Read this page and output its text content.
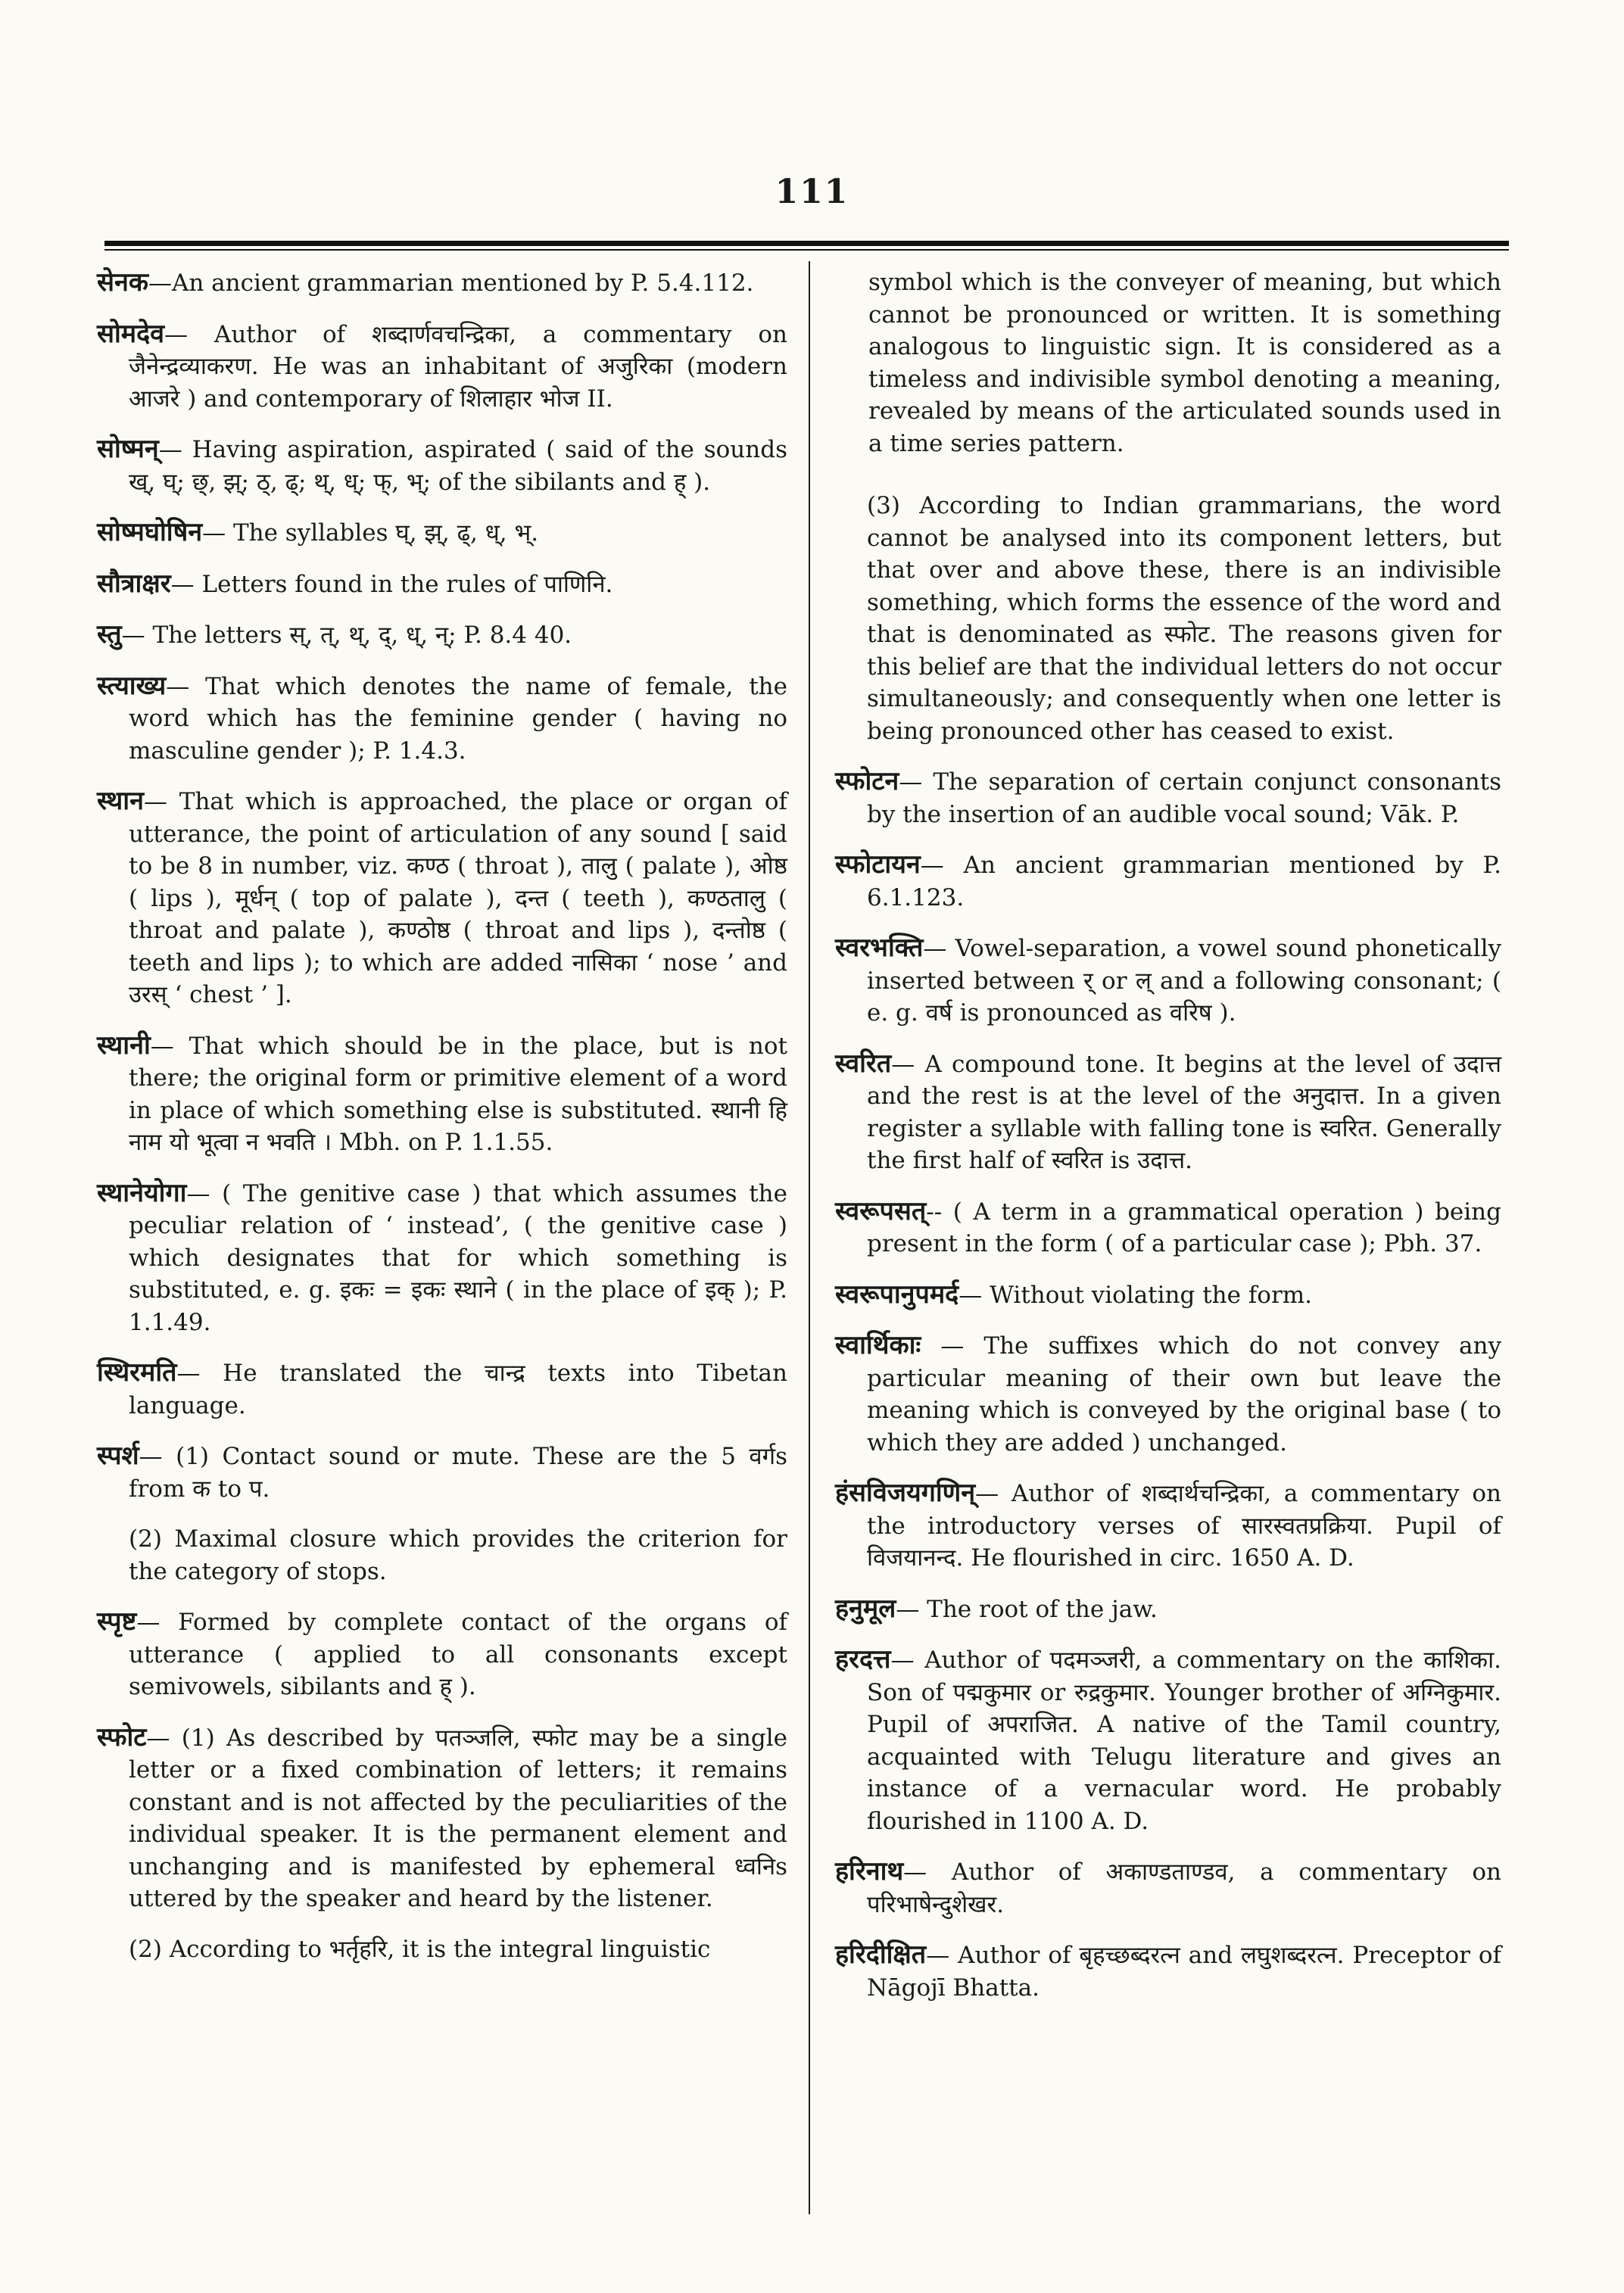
111

सेनक—An ancient grammarian mentioned by P. 5.4.112.

सोमदेव— Author of शब्दार्णवचन्द्रिका, a commentary on जैनेन्द्रव्याकरण. He was an inhabitant of अजुरिका (modern आजरे ) and contemporary of शिलाहार भोज II.

सोष्मन्— Having aspiration, aspirated ( said of the sounds ख्, घ्; छ्, झ्; ठ्, ढ्; थ्, ध्; फ्, भ्; of the sibilants and ह् ).

सोष्मघोषिन— The syllables घ्, झ्, ढ्, ध्, भ्.

सौत्राक्षर— Letters found in the rules of पाणिनि.

स्तु— The letters स्, त्, थ्, द्, ध्, न्; P. 8.4 40.

स्त्याख्य— That which denotes the name of female, the word which has the feminine gender ( having no masculine gender ); P. 1.4.3.

स्थान— That which is approached, the place or organ of utterance, the point of articulation of any sound [ said to be 8 in number, viz. कण्ठ ( throat ), तालु ( palate ), ओष्ठ ( lips ), मूर्धन् ( top of palate ), दन्त ( teeth ), कण्ठतालु ( throat and palate ), कण्ठोष्ठ ( throat and lips ), दन्तोष्ठ ( teeth and lips ); to which are added नासिका ‘ nose ’ and उरस् ‘ chest ’ ].

स्थानी— That which should be in the place, but is not there; the original form or primitive element of a word in place of which something else is substituted. स्थानी हि नाम यो भूत्वा न भवति । Mbh. on P. 1.1.55.

स्थानेयोगा— ( The genitive case ) that which assumes the peculiar relation of ‘ instead’, ( the genitive case ) which designates that for which something is substituted, e. g. इकः = इकः स्थाने ( in the place of इक् ); P. 1.1.49.

स्थिरमति— He translated the चान्द्र texts into Tibetan language.

स्पर्श— (1) Contact sound or mute. These are the 5 वर्गs from क to प.

(2) Maximal closure which provides the criterion for the category of stops.

स्पृष्ट— Formed by complete contact of the organs of utterance ( applied to all consonants except semivowels, sibilants and ह् ).

स्फोट— (1) As described by पतञ्जलि, स्फोट may be a single letter or a fixed combination of letters; it remains constant and is not affected by the peculiarities of the individual speaker. It is the permanent element and unchanging and is manifested by ephemeral ध्वनिs uttered by the speaker and heard by the listener.

(2) According to भर्तृहरि, it is the integral linguistic

symbol which is the conveyer of meaning, but which cannot be pronounced or written. It is something analogous to linguistic sign. It is considered as a timeless and indivisible symbol denoting a meaning, revealed by means of the articulated sounds used in a time series pattern.

(3) According to Indian grammarians, the word cannot be analysed into its component letters, but that over and above these, there is an indivisible something, which forms the essence of the word and that is denominated as स्फोट. The reasons given for this belief are that the individual letters do not occur simultaneously; and consequently when one letter is being pronounced other has ceased to exist.

स्फोटन— The separation of certain conjunct consonants by the insertion of an audible vocal sound; Vāk. P.

स्फोटायन— An ancient grammarian mentioned by P. 6.1.123.

स्वरभक्ति— Vowel-separation, a vowel sound phonetically inserted between र् or ल् and a following consonant; ( e. g. वर्ष is pronounced as वरिष ).

स्वरित— A compound tone. It begins at the level of उदात्त and the rest is at the level of the अनुदात्त. In a given register a syllable with falling tone is स्वरित. Generally the first half of स्वरित is उदात्त.

स्वरूपसत्-- ( A term in a grammatical operation ) being present in the form ( of a particular case ); Pbh. 37.

स्वरूपानुपमर्द— Without violating the form.

स्वार्थिकाः — The suffixes which do not convey any particular meaning of their own but leave the meaning which is conveyed by the original base ( to which they are added ) unchanged.

हंसविजयगणिन्— Author of शब्दार्थचन्द्रिका, a commentary on the introductory verses of सारस्वतप्रक्रिया. Pupil of विजयानन्द. He flourished in circ. 1650 A. D.

हनुमूल— The root of the jaw.

हरदत्त— Author of पदमञ्जरी, a commentary on the काशिका. Son of पद्मकुमार or रुद्रकुमार. Younger brother of अग्निकुमार. Pupil of अपराजित. A native of the Tamil country, acquainted with Telugu literature and gives an instance of a vernacular word. He probably flourished in 1100 A. D.

हरिनाथ— Author of अकाण्डताण्डव, a commentary on परिभाषेन्दुशेखर.

हरिदीक्षित— Author of बृहच्छब्दरत्न and लघुशब्दरत्न. Preceptor of Nāgojī Bhatta.
